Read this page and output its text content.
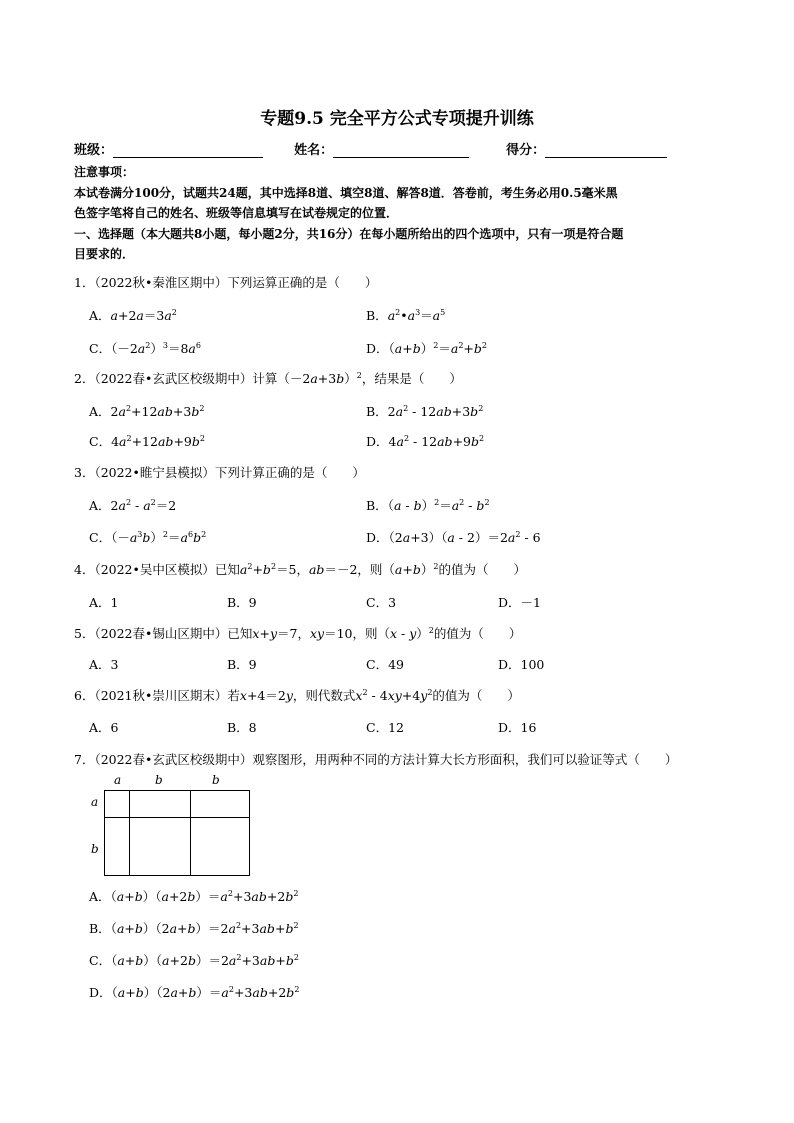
专题9.5 完全平方公式专项提升训练
班级：	姓名：	得分：
注意事项：
本试卷满分100分，试题共24题，其中选择8道、填空8道、解答8道．答卷前，考生务必用0.5毫米黑
色签字笔将自己的姓名、班级等信息填写在试卷规定的位置．
一、选择题（本大题共8小题，每小题2分，共16分）在每小题所给出的四个选项中，只有一项是符合题
目要求的．
1．（2022秋•秦淮区期中）下列运算正确的是（　　）
A．$a+2a=3a^2$	B．$a^2•a^3=a^5$
C．$(-2a^2)^3=8a^6$	D．$(a+b)^2=a^2+b^2$
2．（2022春•玄武区校级期中）计算$(-2a+3b)^2$，结果是（　　）
A．$2a^2+12ab+3b^2$	B．$2a^2 - 12ab+3b^2$
C．$4a^2+12ab+9b^2$	D．$4a^2 - 12ab+9b^2$
3．（2022•睢宁县模拟）下列计算正确的是（　　）
A．$2a^2 - a^2=2$	B．$(a - b)^2=a^2 - b^2$
C．$(-a^3b)^2=a^6b^2$	D．$(2a+3)(a - 2)=2a^2 - 6$
4．（2022•吴中区模拟）已知$a^2+b^2=5$，ab＝－2，则$(a+b)^2$的值为（　　）
A．1	B．9	C．3	D．－1
5．（2022春•锡山区期中）已知x+y＝7，xy＝10，则（x - y）$^2$的值为（　　）
A．3	B．9	C．49	D．100
6．（2021秋•崇川区期末）若x+4＝2y，则代数式$x^2 - 4xy+4y^2$的值为（　　）
A．6	B．8	C．12	D．16
7．（2022春•玄武区校级期中）观察图形，用两种不同的方法计算大长方形面积，我们可以验证等式（　　）
a	b	b
a
b
A．$(a+b)(a+2b)=a^2+3ab+2b^2$
B．$(a+b)(2a+b)=2a^2+3ab+b^2$
C．$(a+b)(a+2b)=2a^2+3ab+b^2$
D．$(a+b)(2a+b)=a^2+3ab+2b^2$
